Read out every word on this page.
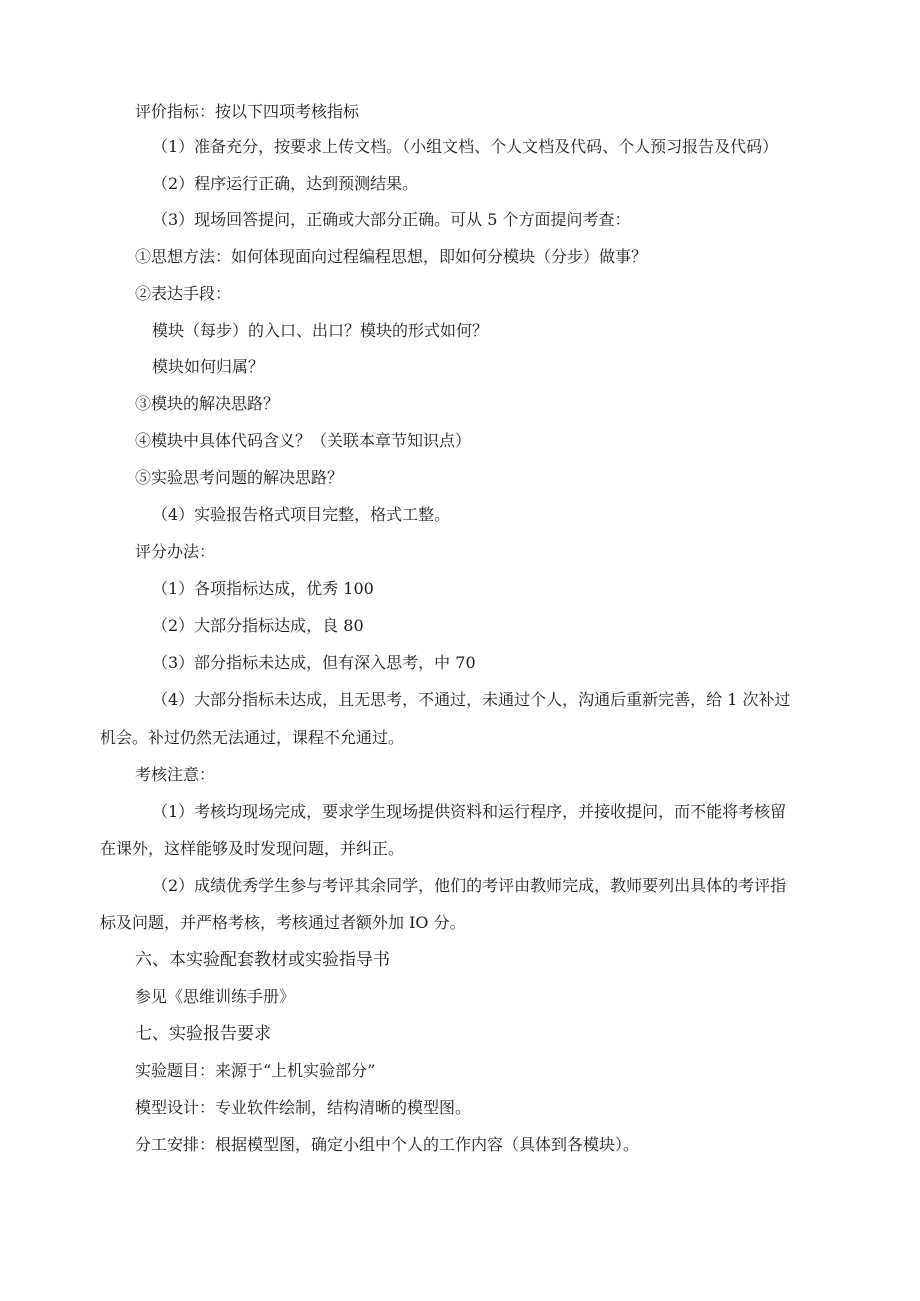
评价指标：按以下四项考核指标
（1）准备充分，按要求上传文档。（小组文档、个人文档及代码、个人预习报告及代码）
（2）程序运行正确，达到预测结果。
（3）现场回答提问，正确或大部分正确。可从 5 个方面提问考查：
①思想方法：如何体现面向过程编程思想，即如何分模块（分步）做事？
②表达手段：
模块（每步）的入口、出口？模块的形式如何？
模块如何归属？
③模块的解决思路？
④模块中具体代码含义？（关联本章节知识点）
⑤实验思考问题的解决思路？
（4）实验报告格式项目完整，格式工整。
评分办法：
（1）各项指标达成，优秀 100
（2）大部分指标达成，良 80
（3）部分指标未达成，但有深入思考，中 70
（4）大部分指标未达成，且无思考，不通过，未通过个人，沟通后重新完善，给 1 次补过
机会。补过仍然无法通过，课程不允通过。
考核注意：
（1）考核均现场完成，要求学生现场提供资料和运行程序，并接收提问，而不能将考核留
在课外，这样能够及时发现问题，并纠正。
（2）成绩优秀学生参与考评其余同学，他们的考评由教师完成，教师要列出具体的考评指
标及问题，并严格考核，考核通过者额外加 IO 分。
六、本实验配套教材或实验指导书
参见《思维训练手册》
七、实验报告要求
实验题目：来源于“上机实验部分”
模型设计：专业软件绘制，结构清晰的模型图。
分工安排：根据模型图，确定小组中个人的工作内容（具体到各模块）。
